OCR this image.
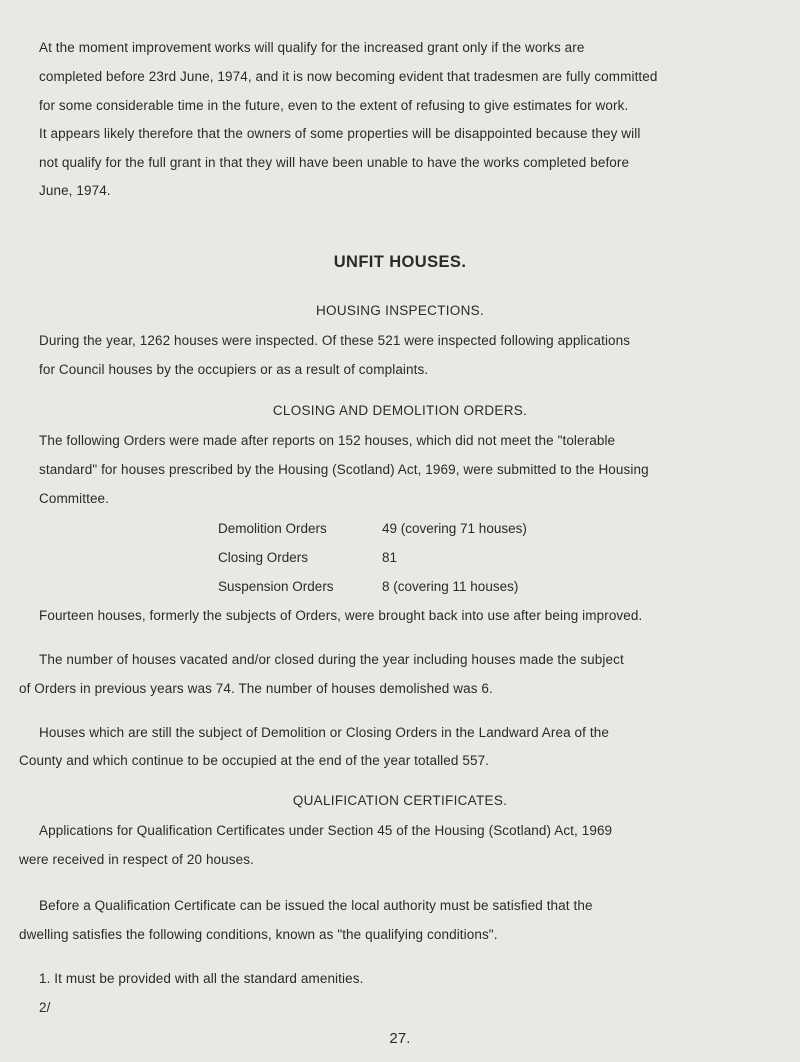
At the moment improvement works will qualify for the increased grant only if the works are
completed before 23rd June, 1974, and it is now becoming evident that tradesmen are fully committed
for some considerable time in the future, even to the extent of refusing to give estimates for work.
It appears likely therefore that the owners of some properties will be disappointed because they will
not qualify for the full grant in that they will have been unable to have the works completed before
June, 1974.
UNFIT HOUSES.
HOUSING INSPECTIONS.
During the year, 1262 houses were inspected. Of these 521 were inspected following applications
for Council houses by the occupiers or as a result of complaints.
CLOSING AND DEMOLITION ORDERS.
The following Orders were made after reports on 152 houses, which did not meet the "tolerable
standard" for houses prescribed by the Housing (Scotland) Act, 1969, were submitted to the Housing
Committee.
Demolition Orders	49 (covering 71 houses)
Closing Orders	81
Suspension Orders	8 (covering 11 houses)
Fourteen houses, formerly the subjects of Orders, were brought back into use after being improved.
The number of houses vacated and/or closed during the year including houses made the subject
of Orders in previous years was 74. The number of houses demolished was 6.
Houses which are still the subject of Demolition or Closing Orders in the Landward Area of the
County and which continue to be occupied at the end of the year totalled 557.
QUALIFICATION CERTIFICATES.
Applications for Qualification Certificates under Section 45 of the Housing (Scotland) Act, 1969
were received in respect of 20 houses.
Before a Qualification Certificate can be issued the local authority must be satisfied that the
dwelling satisfies the following conditions, known as "the qualifying conditions".
1. It must be provided with all the standard amenities.
2/
27.
